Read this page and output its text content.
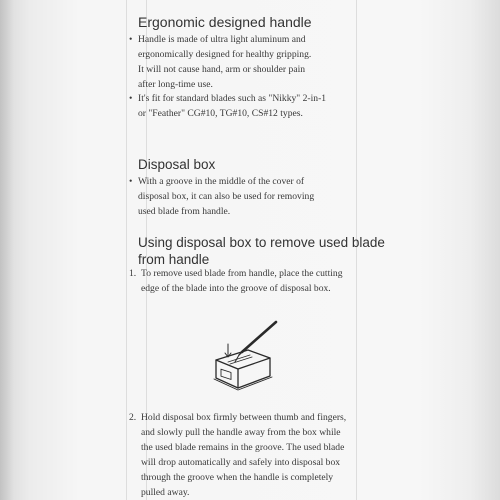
Ergonomic designed handle

• Handle is made of ultra light aluminum and
ergonomically designed for healthy gripping.
It will not cause hand, arm or shoulder pain
after long-time use.

• It's fit for standard blades such as "Nikky" 2-in-1
or "Feather" CG#10, TG#10, CS#12 types.

Disposal box

• With a groove in the middle of the cover of
disposal box, it can also be used for removing
used blade from handle.

Using disposal box to remove used blade
from handle

1. To remove used blade from handle, place the cutting
edge of the blade into the groove of disposal box.

2. Hold disposal box firmly between thumb and fingers,
and slowly pull the handle away from the box while
the used blade remains in the groove. The used blade
will drop automatically and safely into disposal box
through the groove when the handle is completely
pulled away.
